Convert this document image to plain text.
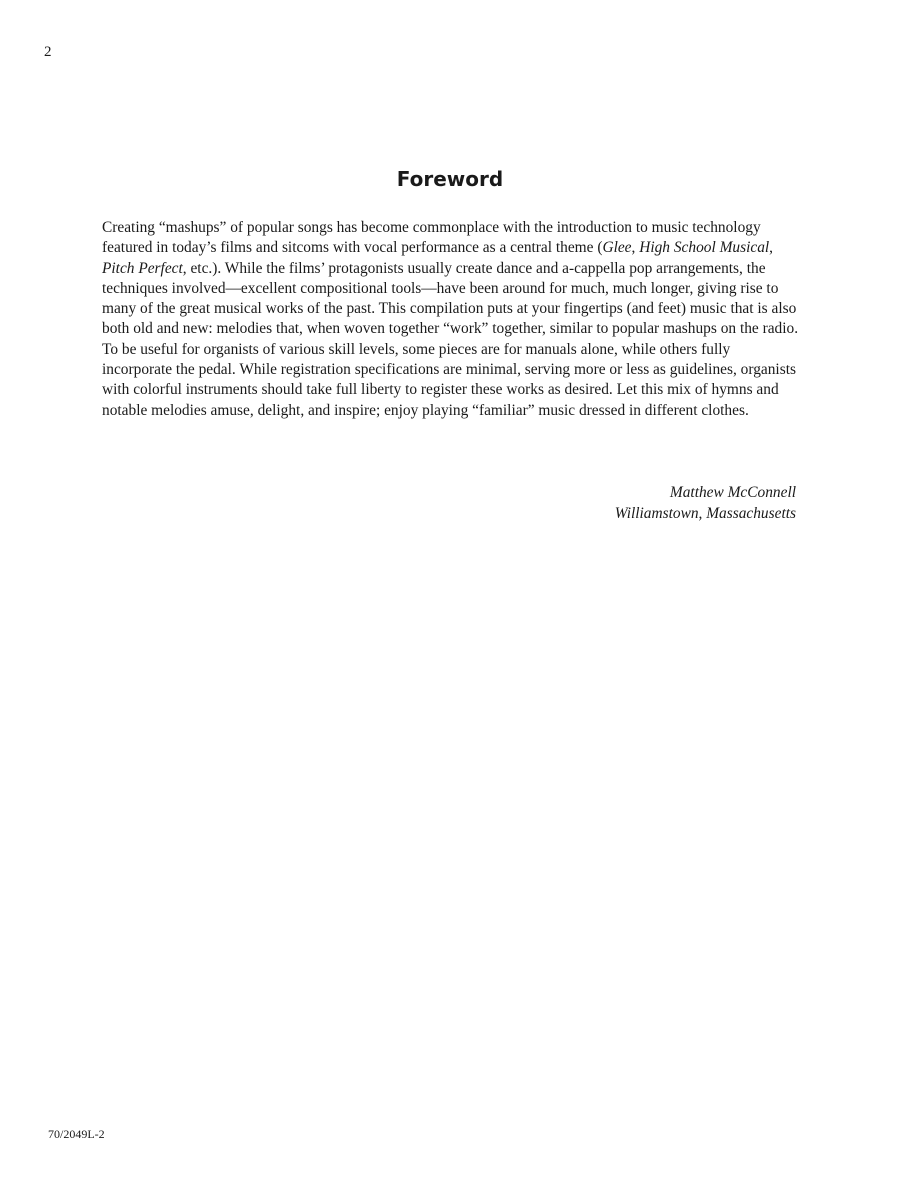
2
Foreword

Creating “mashups” of popular songs has become commonplace with the introduction to music technology featured in today’s films and sitcoms with vocal performance as a central theme (Glee, High School Musical, Pitch Perfect, etc.). While the films’ protagonists usually create dance and a-cappella pop arrangements, the techniques involved—excellent compositional tools—have been around for much, much longer, giving rise to many of the great musical works of the past. This compilation puts at your fingertips (and feet) music that is also both old and new: melodies that, when woven together “work” together, similar to popular mashups on the radio. To be useful for organists of various skill levels, some pieces are for manuals alone, while others fully incorporate the pedal. While registration specifications are minimal, serving more or less as guidelines, organists with colorful instruments should take full liberty to register these works as desired. Let this mix of hymns and notable melodies amuse, delight, and inspire; enjoy playing “familiar” music dressed in different clothes.

Matthew McConnell
Williamstown, Massachusetts
70/2049L-2
